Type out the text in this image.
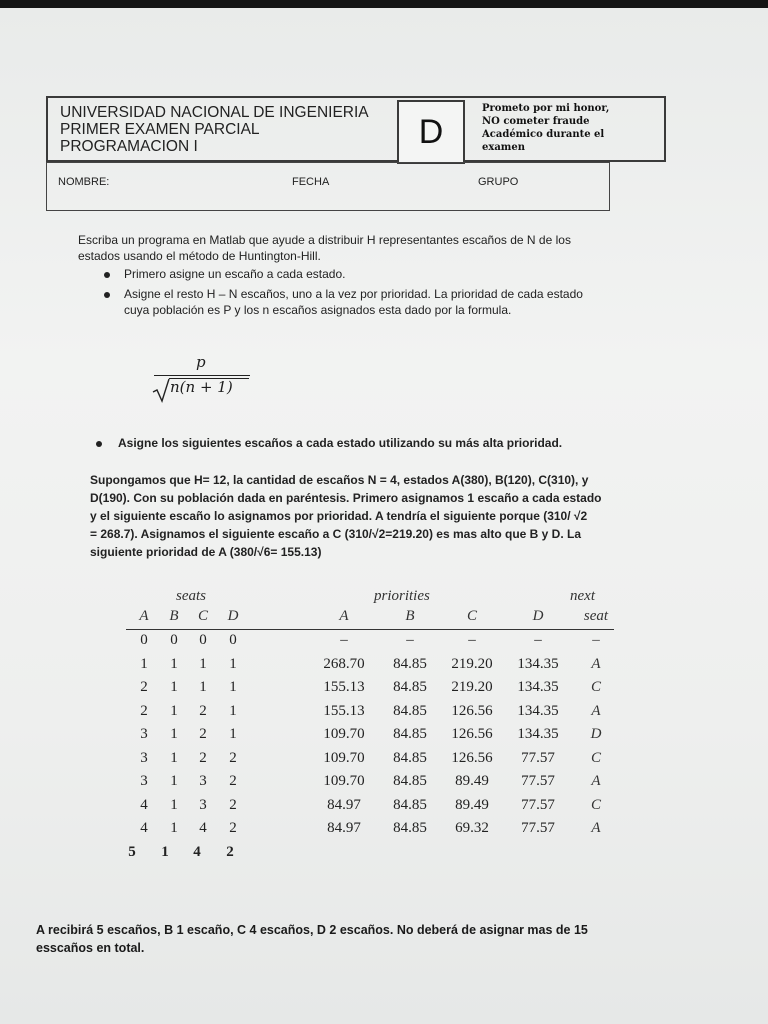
UNIVERSIDAD NACIONAL DE INGENIERIA
PRIMER EXAMEN PARCIAL
PROGRAMACION I	D
Prometo por mi honor,
NO cometer fraude
Académico durante el
examen
NOMBRE:	FECHA	GRUPO
Escriba un programa en Matlab que ayude a distribuir H representantes escaños de N de los
estados usando el método de Huntington-Hill.
Primero asigne un escaño a cada estado.
Asigne el resto H – N escaños, uno a la vez por prioridad. La prioridad de cada estado
cuya población es P y los n escaños asignados esta dado por la formula.
p
n(n + 1)
Asigne los siguientes escaños a cada estado utilizando su más alta prioridad.
Supongamos que H= 12, la cantidad de escaños N = 4, estados A(380), B(120), C(310), y
D(190). Con su población dada en paréntesis. Primero asignamos 1 escaño a cada estado
y el siguiente escaño lo asignamos por prioridad. A tendría el siguiente porque (310/ √2
= 268.7). Asignamos el siguiente escaño a C (310/√2=219.20) es mas alto que B y D. La
siguiente prioridad de A (380/√6= 155.13)
seats	priorities	next
A	B	C	D	A	B	C	D	seat
0	0	0	0	–	–	–	–	–
1	1	1	1	268.70	84.85	219.20	134.35	A
2	1	1	1	155.13	84.85	219.20	134.35	C
2	1	2	1	155.13	84.85	126.56	134.35	A
3	1	2	1	109.70	84.85	126.56	134.35	D
3	1	2	2	109.70	84.85	126.56	77.57	C
3	1	3	2	109.70	84.85	89.49	77.57	A
4	1	3	2	84.97	84.85	89.49	77.57	C
4	1	4	2	84.97	84.85	69.32	77.57	A
5	1	4	2
A recibirá 5 escaños, B 1 escaño, C 4 escaños, D 2 escaños. No deberá de asignar mas de 15
esscaños en total.
